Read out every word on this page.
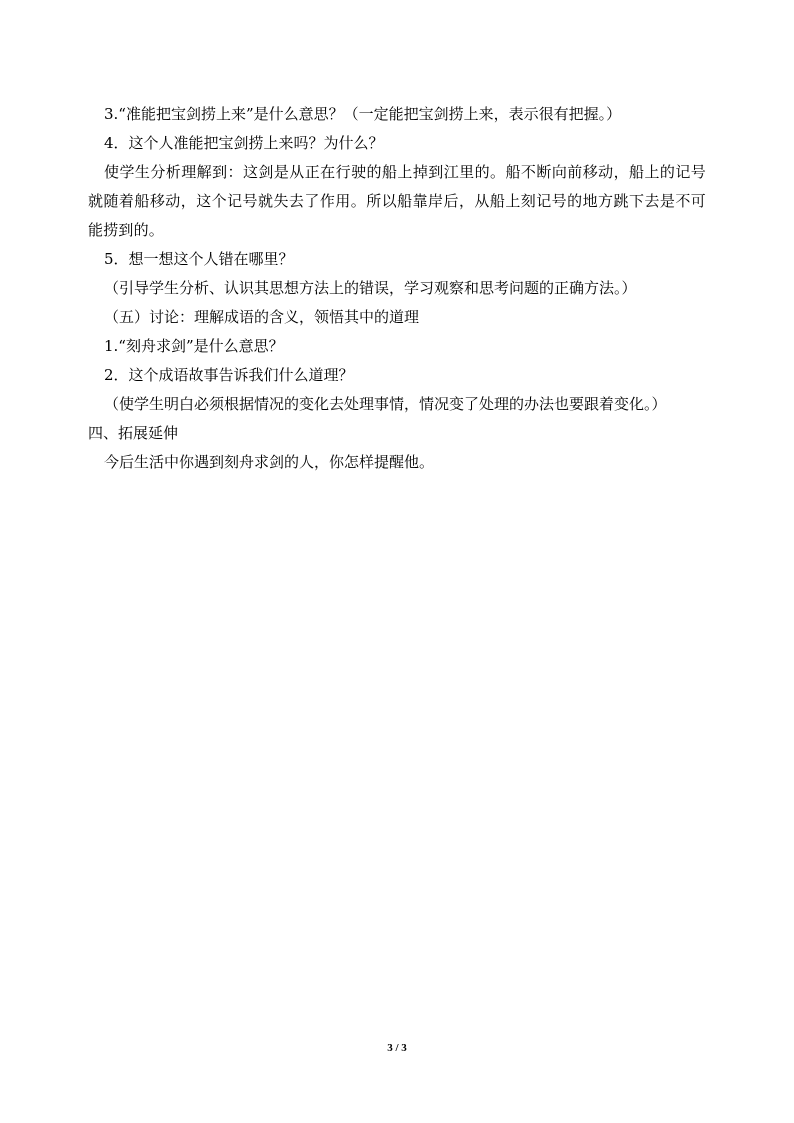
3.“准能把宝剑捞上来”是什么意思？（一定能把宝剑捞上来，表示很有把握。）
4．这个人准能把宝剑捞上来吗？为什么？
使学生分析理解到：这剑是从正在行驶的船上掉到江里的。船不断向前移动，船上的记号就随着船移动，这个记号就失去了作用。所以船靠岸后，从船上刻记号的地方跳下去是不可能捞到的。
5．想一想这个人错在哪里？
（引导学生分析、认识其思想方法上的错误，学习观察和思考问题的正确方法。）
（五）讨论：理解成语的含义，领悟其中的道理
1.“刻舟求剑”是什么意思？
2．这个成语故事告诉我们什么道理？
（使学生明白必须根据情况的变化去处理事情，情况变了处理的办法也要跟着变化。）
四、拓展延伸
今后生活中你遇到刻舟求剑的人，你怎样提醒他。
3 / 3
